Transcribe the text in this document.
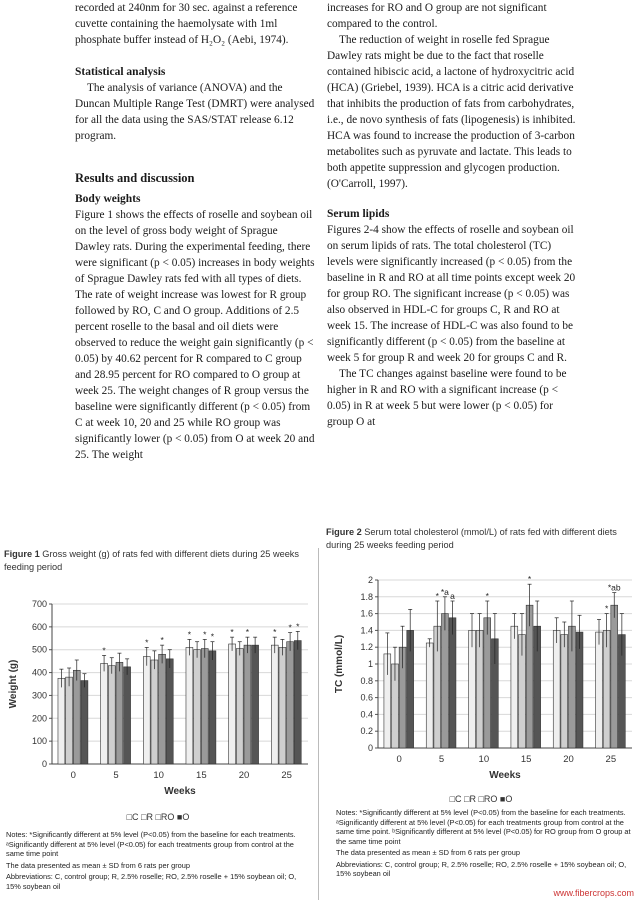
recorded at 240nm for 30 sec. against a reference cuvette containing the haemolysate with 1ml phosphate buffer instead of H₂O₂ (Aebi, 1974).

Statistical analysis

The analysis of variance (ANOVA) and the Duncan Multiple Range Test (DMRT) were analysed for all the data using the SAS/STAT release 6.12 program.

Results and discussion
Body weights

Figure 1 shows the effects of roselle and soybean oil on the level of gross body weight of Sprague Dawley rats. During the experimental feeding, there were significant (p < 0.05) increases in body weights of Sprague Dawley rats fed with all types of diets. The rate of weight increase was lowest for R group followed by RO, C and O group. Additions of 2.5 percent roselle to the basal and oil diets were observed to reduce the weight gain significantly (p < 0.05) by 40.62 percent for R compared to C group and 28.95 percent for RO compared to O group at week 25. The weight changes of R group versus the baseline were significantly different (p < 0.05) from C at week 10, 20 and 25 while RO group was significantly lower (p < 0.05) from O at week 20 and 25. The weight

increases for RO and O group are not significant compared to the control.

The reduction of weight in roselle fed Sprague Dawley rats might be due to the fact that roselle contained hibiscic acid, a lactone of hydroxycitric acid (HCA) (Griebel, 1939). HCA is a citric acid derivative that inhibits the production of fats from carbohydrates, i.e., de novo synthesis of fats (lipogenesis) is inhibited. HCA was found to increase the production of 3-carbon metabolites such as pyruvate and lactate. This leads to both appetite suppression and glycogen production. (O'Carroll, 1997).

Serum lipids

Figures 2-4 show the effects of roselle and soybean oil on serum lipids of rats. The total cholesterol (TC) levels were significantly increased (p < 0.05) from the baseline in R and RO at all time points except week 20 for group RO. The significant increase (p < 0.05) was also observed in HDL-C for groups C, R and RO at week 15. The increase of HDL-C was also found to be significantly different (p < 0.05) from the baseline at week 5 for group R and week 20 for groups C and R.

The TC changes against baseline were found to be higher in R and RO with a significant increase (p < 0.05) in R at week 5 but were lower (p < 0.05) for group O at

Figure 1 Gross weight (g) of rats fed with different diets during 25 weeks feeding period

0
100
200
300
400
500
600
700
0	5	10	15	20	25
*
* *
* * * * *	* * *
Weeks
Weight (g)
□C □R □RO ■O

Notes: *Significantly different at 5% level (P<0.05) from the baseline for each treatments. ᵃSignificantly different at 5% level (P<0.05) for each treatments group from control at the same time point

The data presented as mean ± SD from 6 rats per group

Abbreviations: C, control group; R, 2.5% roselle; RO, 2.5% roselle + 15% soybean oil; O, 15% soybean oil

Figure 2 Serum total cholesterol (mmol/L) of rats fed with different diets during 25 weeks feeding period

0
0.2
0.4
0.6
0.8
1
1.2
1.4
1.6
1.8
2
0	5	10	15	20	25
* *a a	*
*
*
*ab
Weeks
TC (mmol/L)
□C □R □RO ■O

Notes: *Significantly different at 5% level (P<0.05) from the baseline for each treatments. ᵃSignificantly different at 5% level (P<0.05) for each treatments group from control at the same time point. ᵇSignificantly different at 5% level (P<0.05) for RO group from O group at the same time point

The data presented as mean ± SD from 6 rats per group

Abbreviations: C, control group; R, 2.5% roselle; RO, 2.5% roselle + 15% soybean oil; O, 15% soybean oil

www.fibercrops.com
